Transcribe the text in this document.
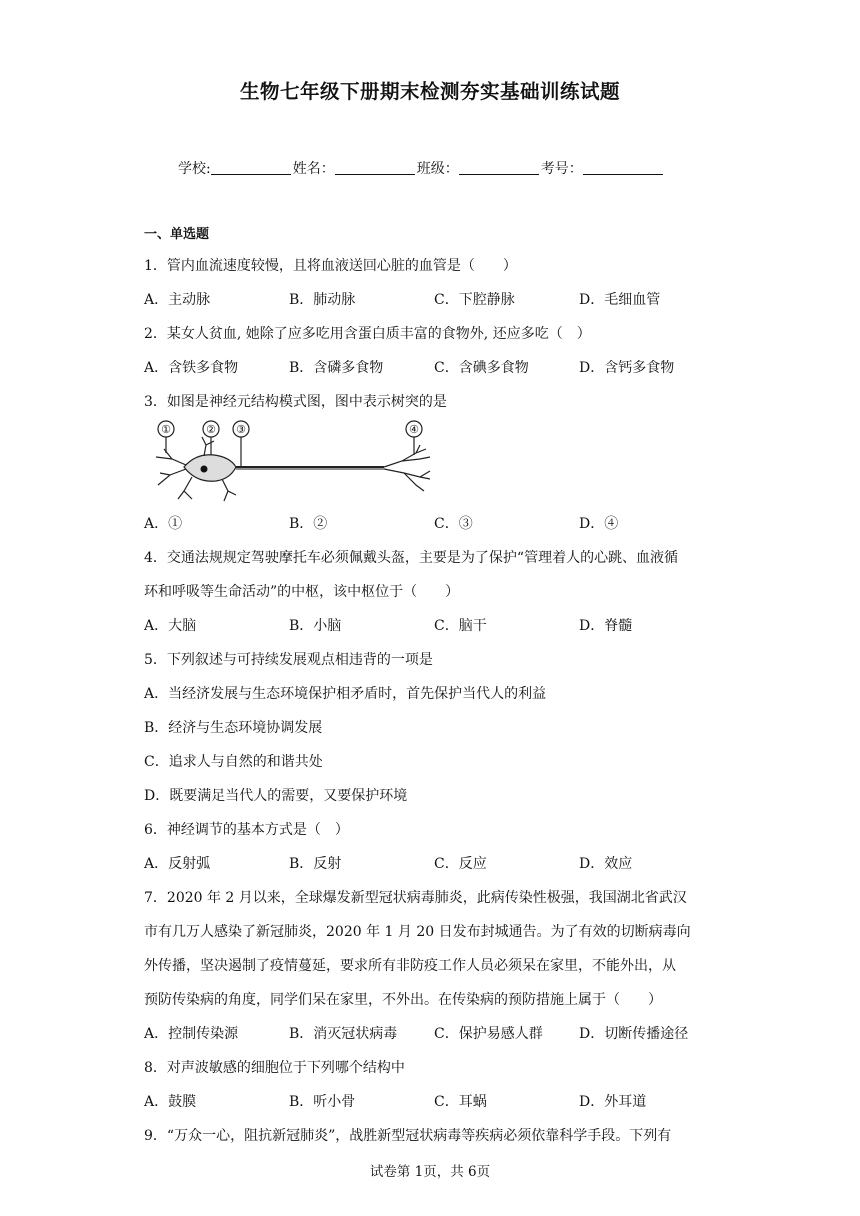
生物七年级下册期末检测夯实基础训练试题
学校:	姓名：	班级：	考号：
一、单选题
1．管内血流速度较慢，且将血液送回心脏的血管是（　　）
A．主动脉	B．肺动脉	C．下腔静脉	D．毛细血管
2．某女人贫血, 她除了应多吃用含蛋白质丰富的食物外, 还应多吃（　）
A．含铁多食物	B．含磷多食物	C．含碘多食物	D．含钙多食物
3．如图是神经元结构模式图，图中表示树突的是
①	② ③	④
A．①	B．②	C．③	D．④
4．交通法规规定驾驶摩托车必须佩戴头盔，主要是为了保护“管理着人的心跳、血液循
环和呼吸等生命活动”的中枢，该中枢位于（　　）
A．大脑	B．小脑	C．脑干	D．脊髓
5．下列叙述与可持续发展观点相违背的一项是
A．当经济发展与生态环境保护相矛盾时，首先保护当代人的利益
B．经济与生态环境协调发展
C．追求人与自然的和谐共处
D．既要满足当代人的需要，又要保护环境
6．神经调节的基本方式是（　）
A．反射弧	B．反射	C．反应	D．效应
7．2020 年 2 月以来，全球爆发新型冠状病毒肺炎，此病传染性极强，我国湖北省武汉
市有几万人感染了新冠肺炎，2020 年 1 月 20 日发布封城通告。为了有效的切断病毒向
外传播，坚决遏制了疫情蔓延，要求所有非防疫工作人员必须呆在家里，不能外出，从
预防传染病的角度，同学们呆在家里，不外出。在传染病的预防措施上属于（　　）
A．控制传染源	B．消灭冠状病毒	C．保护易感人群	D．切断传播途径
8．对声波敏感的细胞位于下列哪个结构中
A．鼓膜	B．听小骨	C．耳蜗	D．外耳道
9．“万众一心，阻抗新冠肺炎”，战胜新型冠状病毒等疾病必须依靠科学手段。下列有
试卷第 1页，共 6页
